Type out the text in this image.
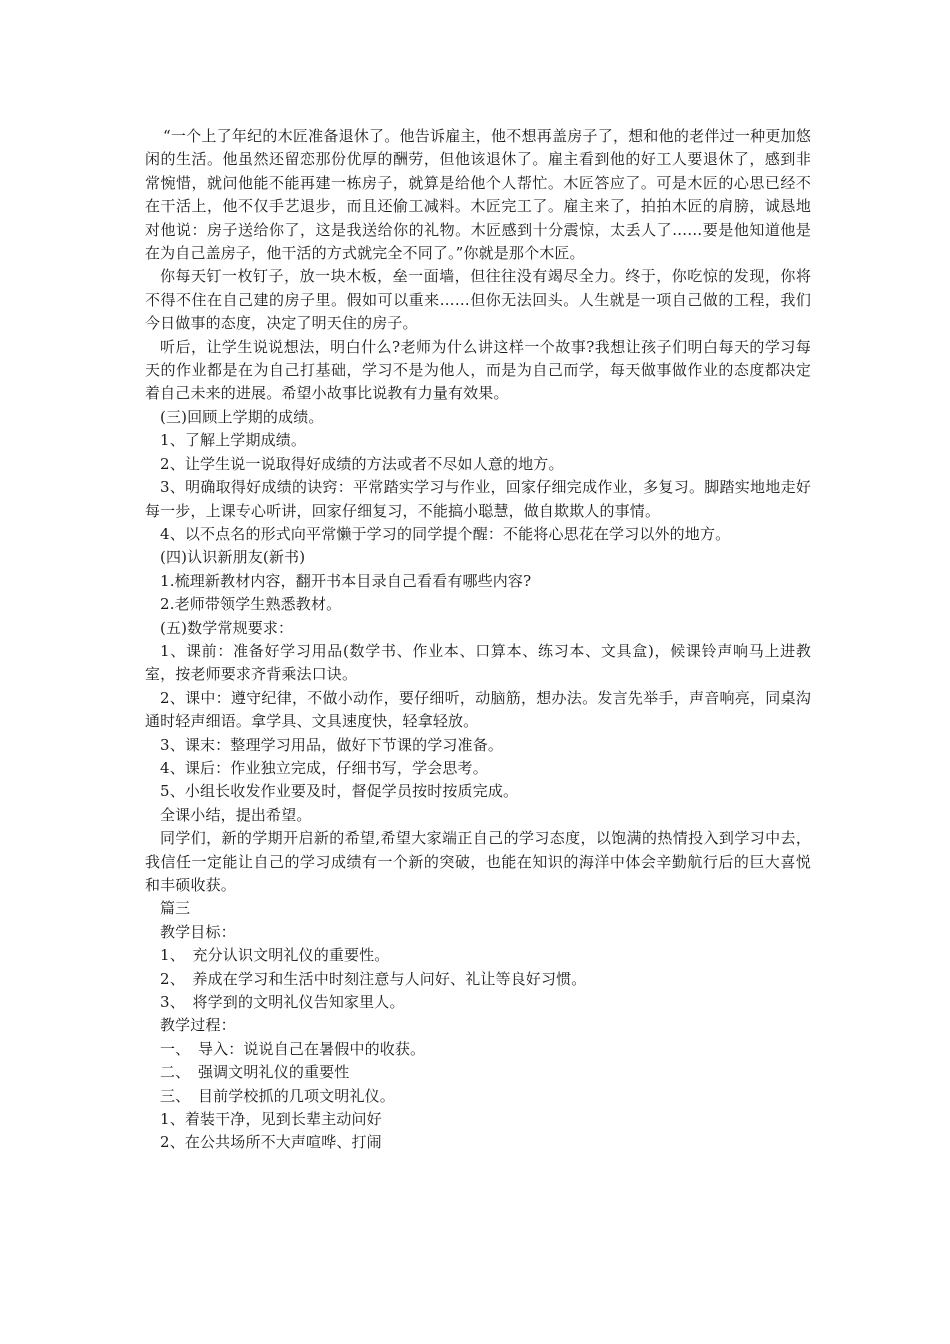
“一个上了年纪的木匠准备退休了。他告诉雇主，他不想再盖房子了，想和他的老伴过一种更加悠闲的生活。他虽然还留恋那份优厚的酬劳，但他该退休了。雇主看到他的好工人要退休了，感到非常惋惜，就问他能不能再建一栋房子，就算是给他个人帮忙。木匠答应了。可是木匠的心思已经不在干活上，他不仅手艺退步，而且还偷工减料。木匠完工了。雇主来了，拍拍木匠的肩膀，诚恳地对他说：房子送给你了，这是我送给你的礼物。木匠感到十分震惊，太丢人了……要是他知道他是在为自己盖房子，他干活的方式就完全不同了。”你就是那个木匠。

你每天钉一枚钉子，放一块木板，垒一面墙，但往往没有竭尽全力。终于，你吃惊的发现，你将不得不住在自己建的房子里。假如可以重来……但你无法回头。人生就是一项自己做的工程，我们今日做事的态度，决定了明天住的房子。

听后，让学生说说想法，明白什么?老师为什么讲这样一个故事?我想让孩子们明白每天的学习每天的作业都是在为自己打基础，学习不是为他人，而是为自己而学，每天做事做作业的态度都决定着自己未来的进展。希望小故事比说教有力量有效果。

(三)回顾上学期的成绩。

1、了解上学期成绩。

2、让学生说一说取得好成绩的方法或者不尽如人意的地方。

3、明确取得好成绩的诀窍：平常踏实学习与作业，回家仔细完成作业，多复习。脚踏实地地走好每一步，上课专心听讲，回家仔细复习，不能搞小聪慧，做自欺欺人的事情。

4、以不点名的形式向平常懒于学习的同学提个醒：不能将心思花在学习以外的地方。

(四)认识新朋友(新书)

1.梳理新教材内容，翻开书本目录自己看看有哪些内容?

2.老师带领学生熟悉教材。

(五)数学常规要求：

1、课前：准备好学习用品(数学书、作业本、口算本、练习本、文具盒)，候课铃声响马上进教室，按老师要求齐背乘法口诀。

2、课中：遵守纪律，不做小动作，要仔细听，动脑筋，想办法。发言先举手，声音响亮，同桌沟通时轻声细语。拿学具、文具速度快，轻拿轻放。

3、课末：整理学习用品，做好下节课的学习准备。

4、课后：作业独立完成，仔细书写，学会思考。

5、小组长收发作业要及时，督促学员按时按质完成。

全课小结，提出希望。

同学们，新的学期开启新的希望,希望大家端正自己的学习态度，以饱满的热情投入到学习中去，我信任一定能让自己的学习成绩有一个新的突破，也能在知识的海洋中体会辛勤航行后的巨大喜悦和丰硕收获。

篇三

教学目标：

1、　充分认识文明礼仪的重要性。

2、　养成在学习和生活中时刻注意与人问好、礼让等良好习惯。

3、　将学到的文明礼仪告知家里人。

教学过程：

一、　导入：说说自己在暑假中的收获。

二、　强调文明礼仪的重要性

三、　目前学校抓的几项文明礼仪。

1、着装干净，见到长辈主动问好

2、在公共场所不大声喧哗、打闹
